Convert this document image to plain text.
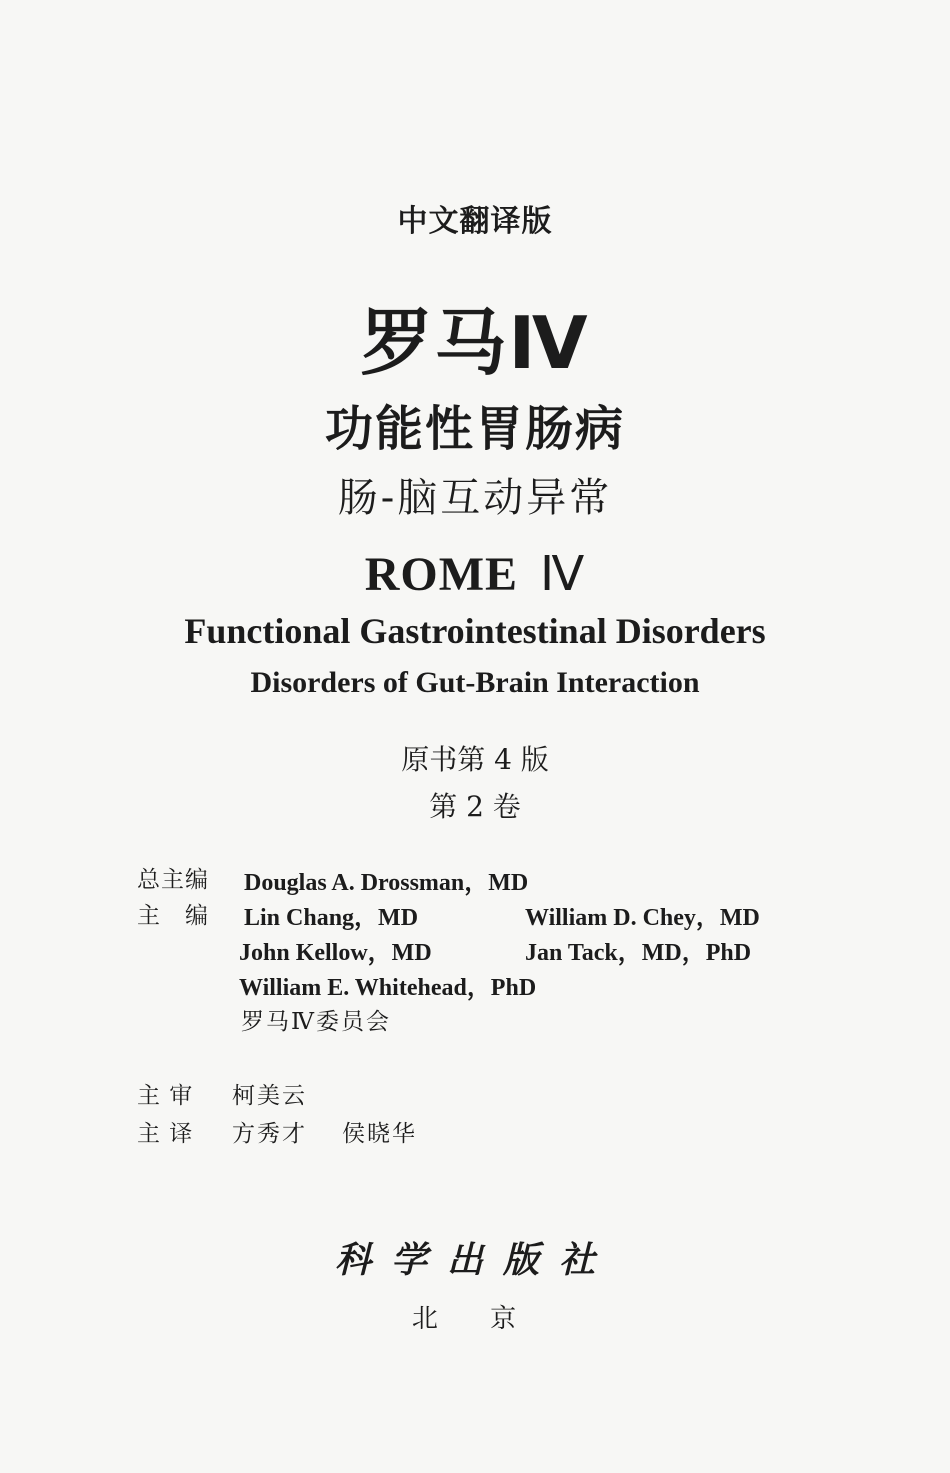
中文翻译版
罗马Ⅳ
功能性胃肠病
肠-脑互动异常
ROME Ⅳ
Functional Gastrointestinal Disorders
Disorders of Gut-Brain Interaction
原书第 4 版
第 2 卷
总主编 Douglas A. Drossman，MD
主　编 Lin Chang，MD	William D. Chey，MD
John Kellow，MD	Jan Tack，MD，PhD
William E. Whitehead，PhD
罗马Ⅳ委员会
主 审 柯美云
主 译 方秀才 侯晓华
科学出版社
北 京
